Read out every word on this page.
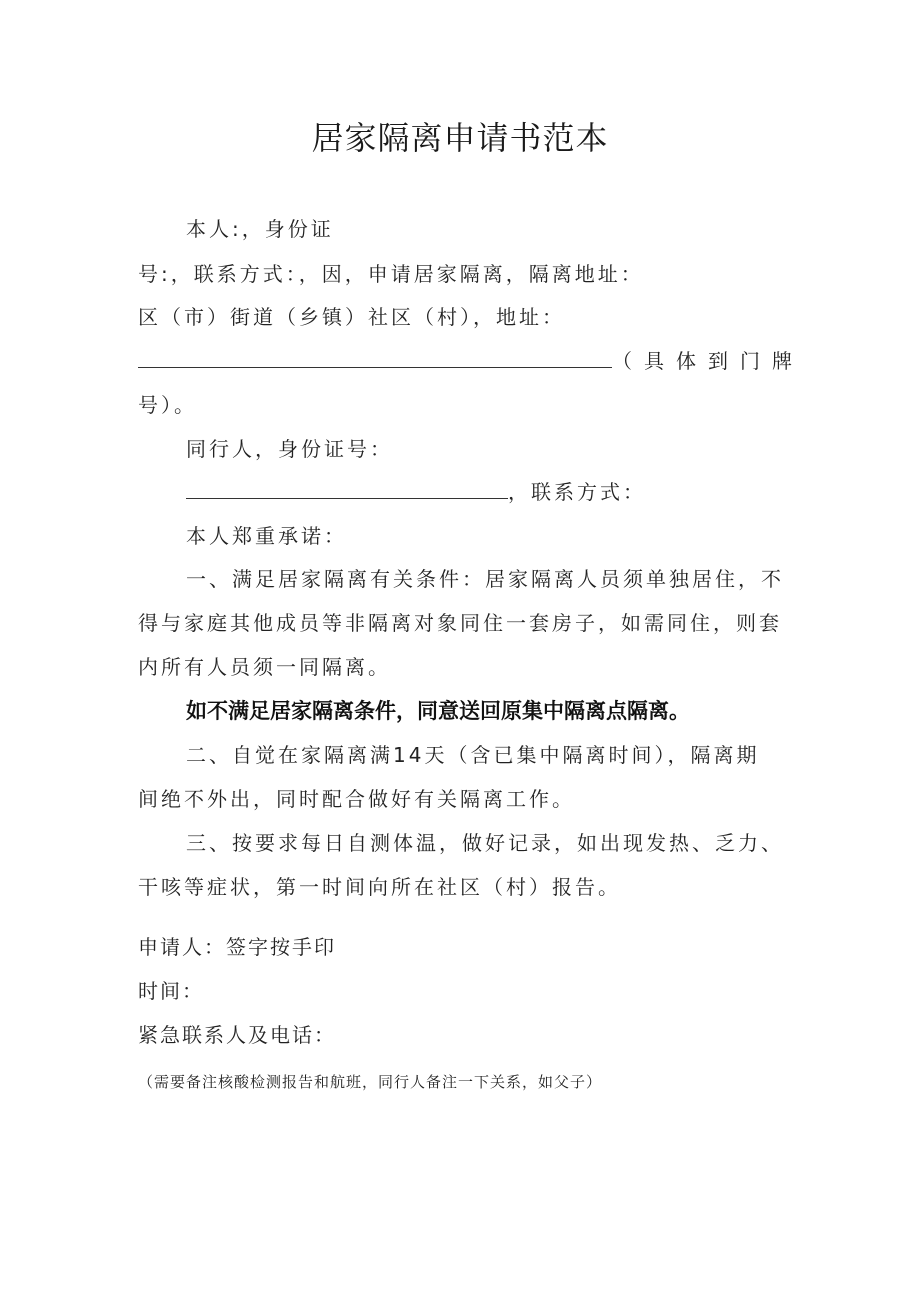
居家隔离申请书范本
本人:，身份证
号:，联系方式：，因，申请居家隔离，隔离地址：
区（市）街道（乡镇）社区（村），地址：
（具体到门牌
号）。
同行人，身份证号：
，联系方式：
本人郑重承诺：
一、满足居家隔离有关条件：居家隔离人员须单独居住，不
得与家庭其他成员等非隔离对象同住一套房子，如需同住，则套
内所有人员须一同隔离。
如不满足居家隔离条件，同意送回原集中隔离点隔离。
二、自觉在家隔离满14天（含已集中隔离时间），隔离期
间绝不外出，同时配合做好有关隔离工作。
三、按要求每日自测体温，做好记录，如出现发热、乏力、
干咳等症状，第一时间向所在社区（村）报告。
申请人：签字按手印
时间：
紧急联系人及电话：
（需要备注核酸检测报告和航班，同行人备注一下关系，如父子）
